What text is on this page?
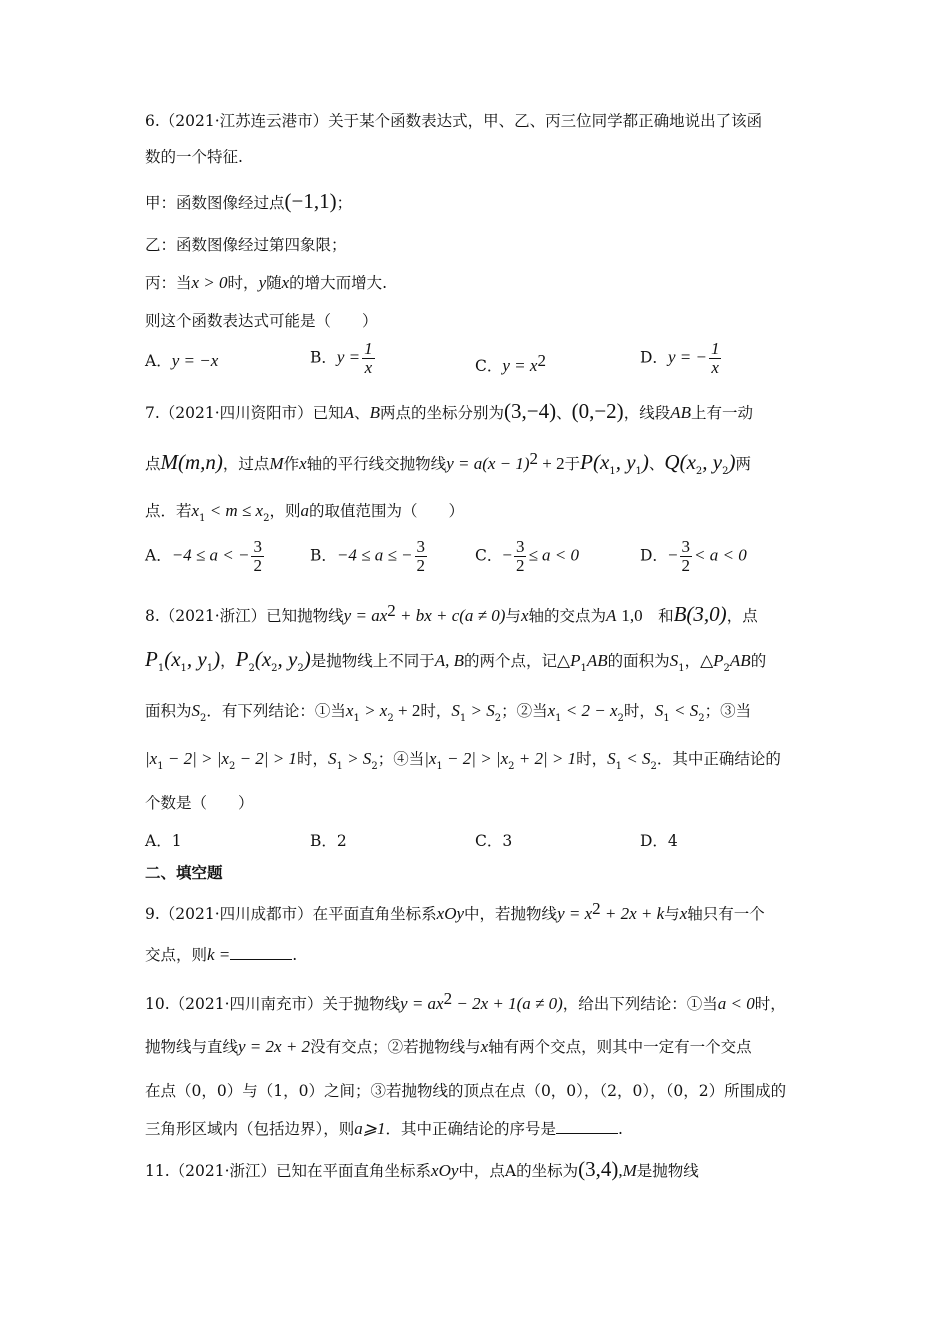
6.（2021·江苏连云港市）关于某个函数表达式，甲、乙、丙三位同学都正确地说出了该函
数的一个特征.
甲：函数图像经过点(−1,1)；
乙：函数图像经过第四象限；
丙：当x > 0时，y随x的增大而增大.
则这个函数表达式可能是（　　）
A．y = −x	B．$y = \frac{1}{x}$	C．$y = x^2$	D．y = − $\frac{1}{x}$
7.（2021·四川资阳市）已知A、B两点的坐标分别为(3,−4)、(0,−2)，线段AB上有一动
点M(m,n)，过点M作x轴的平行线交抛物线$y = a(x - 1)^2 + 2$于$P(x_1$, $y_1$)、$Q(x_2$, $y_2$)两
点．若$x_1 < m \le x_2$，则a的取值范围为（　　）
A．−4 ≤ a < − $\frac{3}{2}$	B．−4 ≤ a ≤ − $\frac{3}{2}$	C．− $\frac{3}{2} \le a < 0$	D．− $\frac{3}{2} < a < 0$
8.（2021·浙江）已知抛物线$y = ax^2$ + bx + c(a ≠ 0)与x轴的交点为A 1,0　 和B(3,0)，点
$P_1(x_1$, $y_1$)，$P_2(x_2$, $y_2$)是抛物线上不同于A, B的两个点，记$\triangle P_1AB$的面积为$S_1$，$\triangle P_2AB$的
面积为$S_2$．有下列结论：①当$x_1 > x_2 + 2$时，$S_1 > S_2$；②当$x_1 < 2 - x_2$时，$S_1 < S_2$；③当
$|x_1 - 2| > |x_2 - 2| > 1$时，$S_1 > S_2$；④当$|x_1 - 2| > |x_2 + 2| > 1$时，$S_1 < S_2$．其中正确结论的
个数是（　　）
A．1	B．2	C．3	D．4
二、填空题
9.（2021·四川成都市）在平面直角坐标系xOy中，若抛物线$y = x^2 + 2x + k$与x轴只有一个
交点，则k =	.
10.（2021·四川南充市）关于抛物线$y = ax^2 - 2x + 1(a \ne 0)$，给出下列结论：①当a < 0时，
抛物线与直线y = 2x + 2没有交点；②若抛物线与x轴有两个交点，则其中一定有一个交点
在点（0，0）与（1，0）之间；③若抛物线的顶点在点（0，0），（2，0），（0，2）所围成的
三角形区域内（包括边界），则a⩾1．其中正确结论的序号是	.
11.（2021·浙江）已知在平面直角坐标系xOy中，点A的坐标为(3,4),M是抛物线
